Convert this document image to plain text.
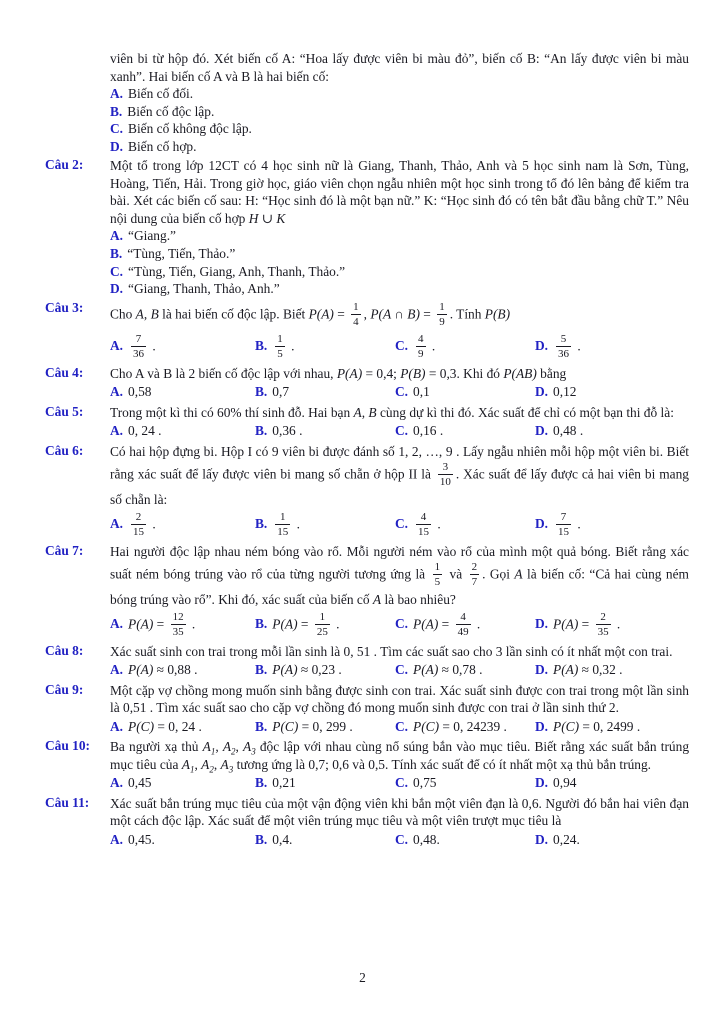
viên bi từ hộp đó. Xét biến cố A: “Hoa lấy được viên bi màu đỏ”, biến cố B: “An lấy được viên bi màu xanh”. Hai biến cố A và B là hai biến cố:
A. Biến cố đối.
B. Biến cố độc lập.
C. Biến cố không độc lập.
D. Biến cố hợp.
Câu 2: Một tổ trong lớp 12CT có 4 học sinh nữ là Giang, Thanh, Thảo, Anh và 5 học sinh nam là Sơn, Tùng, Hoàng, Tiến, Hải. Trong giờ học, giáo viên chọn ngẫu nhiên một học sinh trong tổ đó lên bảng để kiểm tra bài. Xét các biến cố sau: H: “Học sinh đó là một bạn nữ.” K: “Học sinh đó có tên bắt đầu bằng chữ T.” Nêu nội dung của biến cố hợp H ∪ K
A. “Giang.”
B. “Tùng, Tiến, Thảo.”
C. “Tùng, Tiến, Giang, Anh, Thanh, Thảo.”
D. “Giang, Thanh, Thảo, Anh.”
Câu 3: Cho A, B là hai biến cố độc lập. Biết $P(A) = \frac{1}{4}$ , P(A ∩ $B) = \frac{1}{9}$ . Tính P(B)
A. $\frac{7}{36}$ .	B. $\frac{1}{5}$ .	C. $\frac{4}{9}$ .	D. $\frac{5}{36}$ .
Câu 4: Cho A và B là 2 biến cố độc lập với nhau, P(A) = 0,4; P(B) = 0,3. Khi đó P(AB) bằng
A. 0,58	B. 0,7	C. 0,1	D. 0,12
Câu 5: Trong một kì thi có 60% thí sinh đỗ. Hai bạn A, B cùng dự kì thi đó. Xác suất để chỉ có một bạn thi đỗ là:
A. 0, 24 .	B. 0,36 .	C. 0,16 .	D. 0,48 .
Câu 6: Có hai hộp đựng bi. Hộp I có 9 viên bi được đánh số 1, 2, …, 9 . Lấy ngẫu nhiên mỗi hộp một viên bi. Biết rằng xác suất để lấy được viên bi mang số chẵn ở hộp II là $\frac{3}{10}$ . Xác suất để lấy được cả hai viên bi mang số chẵn là:
A. $\frac{2}{15}$ .	B. $\frac{1}{15}$ .	C. $\frac{4}{15}$ .	D. $\frac{7}{15}$ .
Câu 7: Hai người độc lập nhau ném bóng vào rổ. Mỗi người ném vào rổ của mình một quả bóng. Biết rằng xác suất ném bóng trúng vào rổ của từng người tương ứng là $\frac{1}{5}$ và $\frac{2}{7}$ . Gọi A là biến cố: “Cả hai cùng ném bóng trúng vào rổ”. Khi đó, xác suất của biến cố A là bao nhiêu?
A. $P(A) = \frac{12}{35}$ .	B. $P(A) = \frac{1}{25}$ .	C. $P(A) = \frac{4}{49}$ .	D. $P(A) = \frac{2}{35}$ .
Câu 8: Xác suất sinh con trai trong mỗi lần sinh là 0, 51 . Tìm các suất sao cho 3 lần sinh có ít nhất một con trai.
A. P(A) ≈ 0,88 .	B. P(A) ≈ 0,23 .	C. P(A) ≈ 0,78 .	D. P(A) ≈ 0,32 .
Câu 9: Một cặp vợ chồng mong muốn sinh bằng được sinh con trai. Xác suất sinh được con trai trong một lần sinh là 0,51 . Tìm xác suất sao cho cặp vợ chồng đó mong muốn sinh được con trai ở lần sinh thứ 2.
A. P(C) = 0, 24 .	B. P(C) = 0, 299 .	C. P(C) = 0, 24239 .	D. P(C) = 0, 2499 .
Câu 10: Ba người xạ thủ $A_1$, $A_2$, $A_3$ độc lập với nhau cùng nổ súng bắn vào mục tiêu. Biết rằng xác suất bắn trúng mục tiêu của $A_1$, $A_2$, $A_3$ tương ứng là 0,7; 0,6 và 0,5. Tính xác suất để có ít nhất một xạ thủ bắn trúng.
A. 0,45	B. 0,21	C. 0,75	D. 0,94
Câu 11: Xác suất bắn trúng mục tiêu của một vận động viên khi bắn một viên đạn là 0,6. Người đó bắn hai viên đạn một cách độc lập. Xác suất để một viên trúng mục tiêu và một viên trượt mục tiêu là
A. 0,45.	B. 0,4.	C. 0,48.	D. 0,24.
2
